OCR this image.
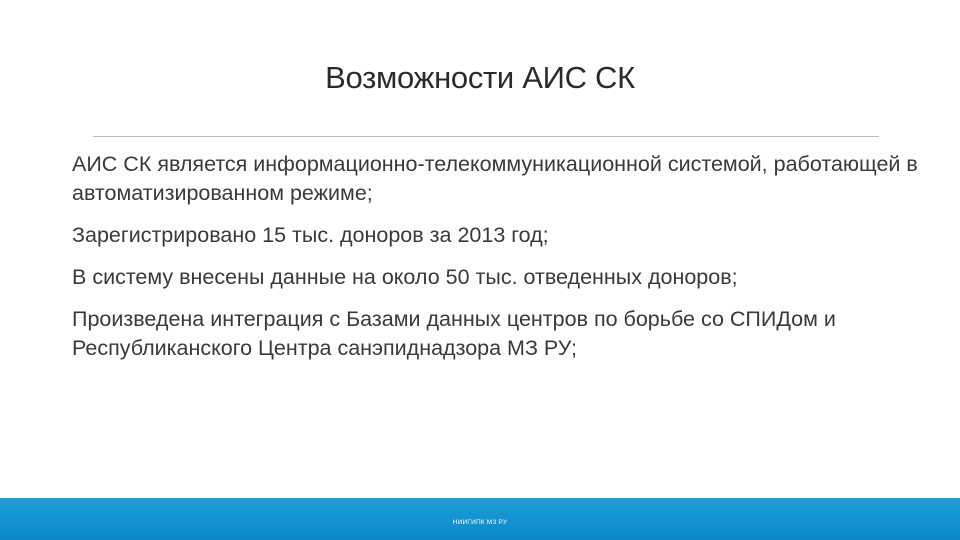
Возможности АИС СК
АИС СК является информационно-телекоммуникационной системой, работающей в автоматизированном режиме;
Зарегистрировано 15 тыс. доноров за 2013 год;
В систему внесены данные на около 50 тыс. отведенных доноров;
Произведена интеграция с Базами данных центров по борьбе со СПИДом и Республиканского Центра санэпиднадзора МЗ РУ;
НИИГИПК МЗ РУ
